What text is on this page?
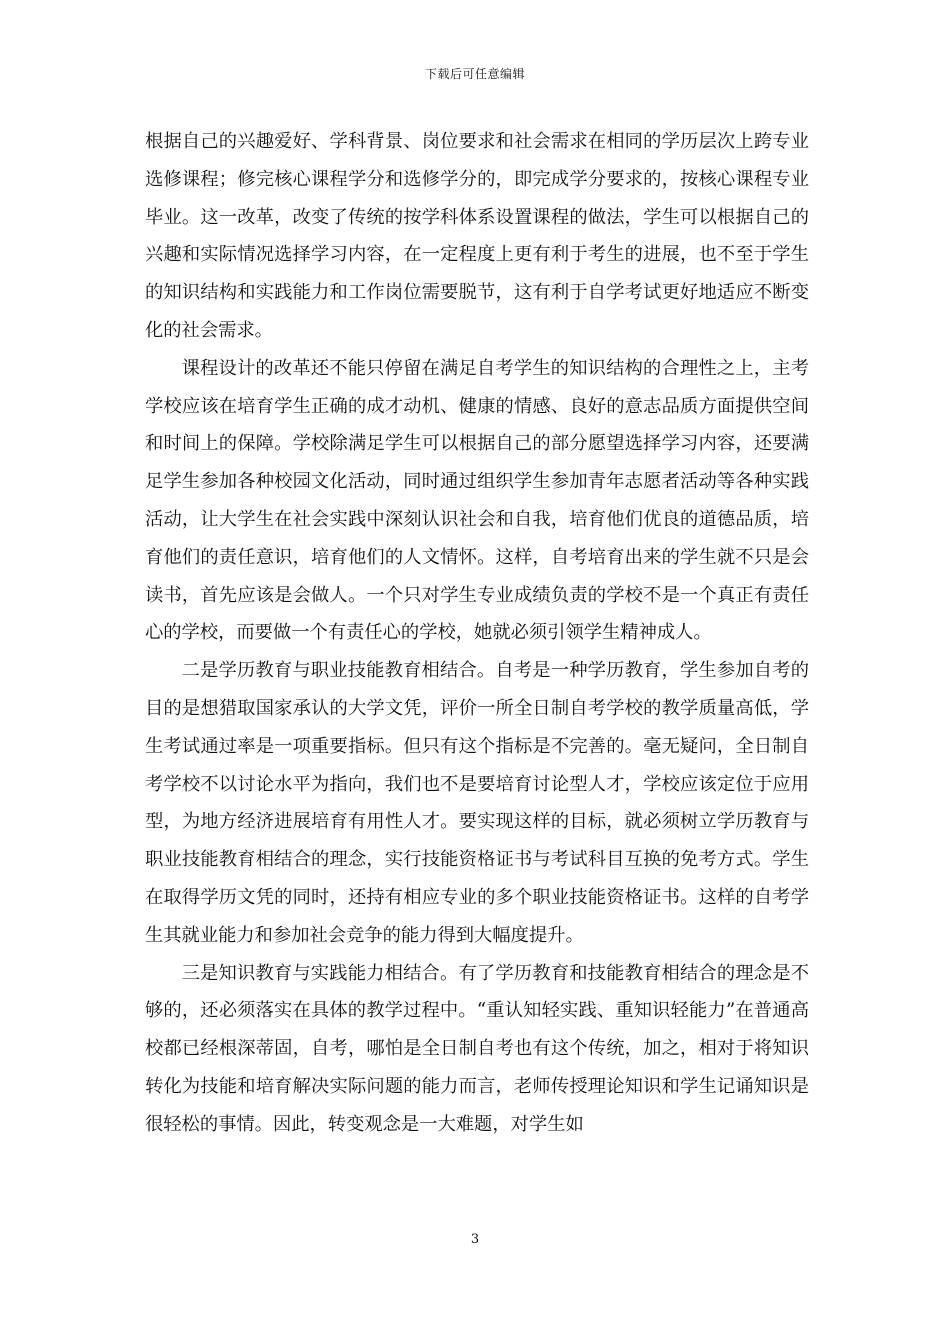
下载后可任意编辑

根据自己的兴趣爱好、学科背景、岗位要求和社会需求在相同的学历层次上跨专业选修课程；修完核心课程学分和选修学分的，即完成学分要求的，按核心课程专业毕业。这一改革，改变了传统的按学科体系设置课程的做法，学生可以根据自己的兴趣和实际情况选择学习内容，在一定程度上更有利于考生的进展，也不至于学生的知识结构和实践能力和工作岗位需要脱节，这有利于自学考试更好地适应不断变化的社会需求。

课程设计的改革还不能只停留在满足自考学生的知识结构的合理性之上，主考学校应该在培育学生正确的成才动机、健康的情感、良好的意志品质方面提供空间和时间上的保障。学校除满足学生可以根据自己的部分愿望选择学习内容，还要满足学生参加各种校园文化活动，同时通过组织学生参加青年志愿者活动等各种实践活动，让大学生在社会实践中深刻认识社会和自我，培育他们优良的道德品质，培育他们的责任意识，培育他们的人文情怀。这样，自考培育出来的学生就不只是会读书，首先应该是会做人。一个只对学生专业成绩负责的学校不是一个真正有责任心的学校，而要做一个有责任心的学校，她就必须引领学生精神成人。

二是学历教育与职业技能教育相结合。自考是一种学历教育，学生参加自考的目的是想猎取国家承认的大学文凭，评价一所全日制自考学校的教学质量高低，学生考试通过率是一项重要指标。但只有这个指标是不完善的。毫无疑问，全日制自考学校不以讨论水平为指向，我们也不是要培育讨论型人才，学校应该定位于应用型，为地方经济进展培育有用性人才。要实现这样的目标，就必须树立学历教育与职业技能教育相结合的理念，实行技能资格证书与考试科目互换的免考方式。学生在取得学历文凭的同时，还持有相应专业的多个职业技能资格证书。这样的自考学生其就业能力和参加社会竞争的能力得到大幅度提升。

三是知识教育与实践能力相结合。有了学历教育和技能教育相结合的理念是不够的，还必须落实在具体的教学过程中。“重认知轻实践、重知识轻能力”在普通高校都已经根深蒂固，自考，哪怕是全日制自考也有这个传统，加之，相对于将知识转化为技能和培育解决实际问题的能力而言，老师传授理论知识和学生记诵知识是很轻松的事情。因此，转变观念是一大难题，对学生如

3
